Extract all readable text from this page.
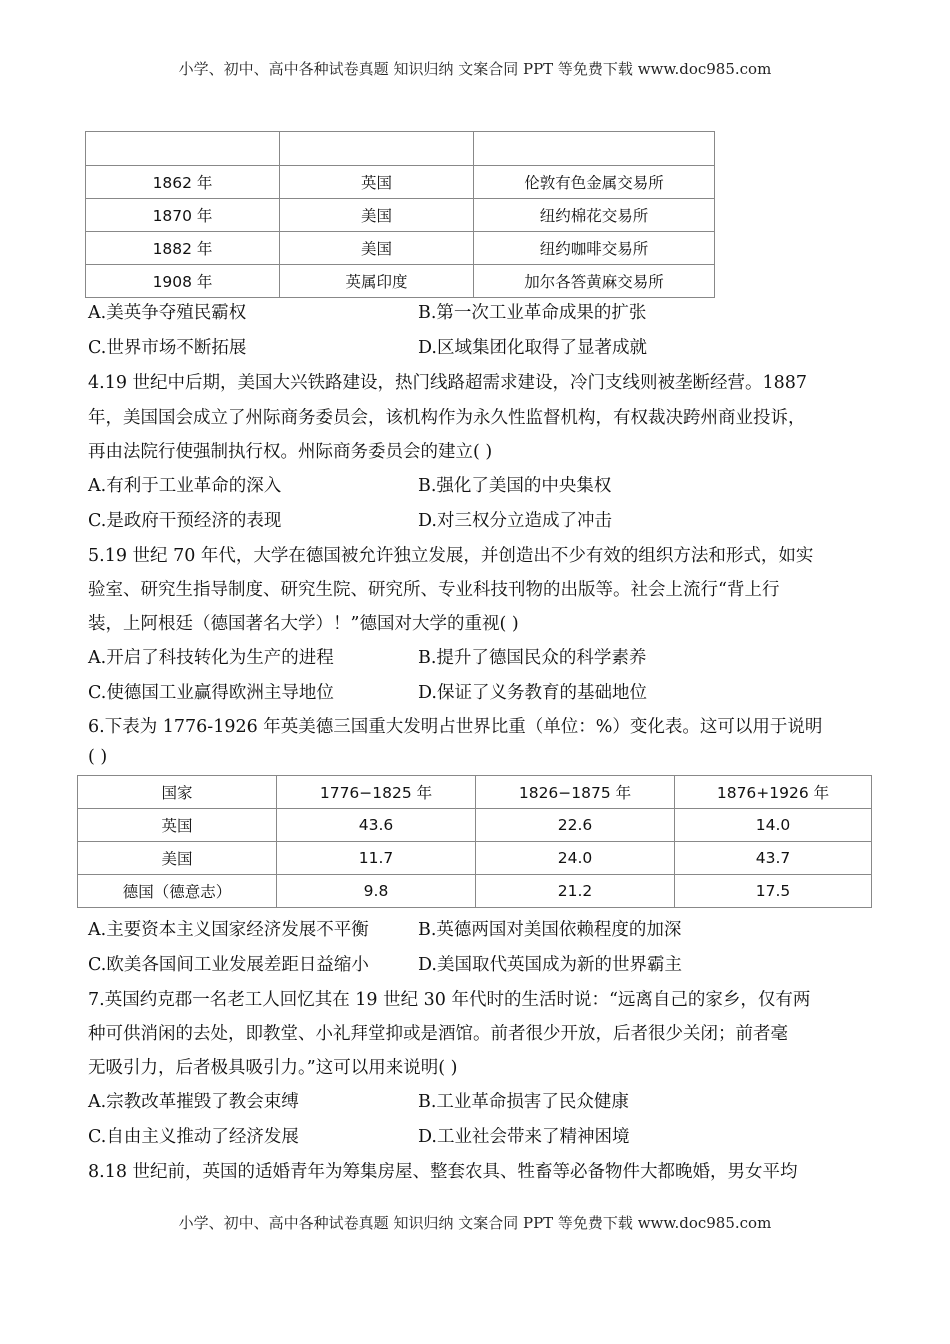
小学、初中、高中各种试卷真题 知识归纳 文案合同 PPT 等免费下载 www.doc985.com

1862 年	英国	伦敦有色金属交易所
1870 年	美国	纽约棉花交易所
1882 年	美国	纽约咖啡交易所
1908 年	英属印度	加尔各答黄麻交易所
A.美英争夺殖民霸权	B.第一次工业革命成果的扩张
C.世界市场不断拓展	D.区域集团化取得了显著成就
4.19 世纪中后期，美国大兴铁路建设，热门线路超需求建设，冷门支线则被垄断经营。1887
年，美国国会成立了州际商务委员会，该机构作为永久性监督机构，有权裁决跨州商业投诉，
再由法院行使强制执行权。州际商务委员会的建立( )
A.有利于工业革命的深入	B.强化了美国的中央集权
C.是政府干预经济的表现	D.对三权分立造成了冲击
5.19 世纪 70 年代，大学在德国被允许独立发展，并创造出不少有效的组织方法和形式，如实
验室、研究生指导制度、研究生院、研究所、专业科技刊物的出版等。社会上流行“背上行
装，上阿根廷（德国著名大学）！”德国对大学的重视( )
A.开启了科技转化为生产的进程	B.提升了德国民众的科学素养
C.使德国工业赢得欧洲主导地位	D.保证了义务教育的基础地位
6.下表为 1776-1926 年英美德三国重大发明占世界比重（单位：%）变化表。这可以用于说明
( )
国家	1776−1825 年	1826−1875 年	1876+1926 年
英国	43.6	22.6	14.0
美国	11.7	24.0	43.7
德国（德意志）	9.8	21.2	17.5
A.主要资本主义国家经济发展不平衡	B.英德两国对美国依赖程度的加深
C.欧美各国间工业发展差距日益缩小	D.美国取代英国成为新的世界霸主
7.英国约克郡一名老工人回忆其在 19 世纪 30 年代时的生活时说：“远离自己的家乡，仅有两
种可供消闲的去处，即教堂、小礼拜堂抑或是酒馆。前者很少开放，后者很少关闭；前者毫
无吸引力，后者极具吸引力。”这可以用来说明( )
A.宗教改革摧毁了教会束缚	B.工业革命损害了民众健康
C.自由主义推动了经济发展	D.工业社会带来了精神困境
8.18 世纪前，英国的适婚青年为筹集房屋、整套农具、牲畜等必备物件大都晚婚，男女平均
小学、初中、高中各种试卷真题 知识归纳 文案合同 PPT 等免费下载 www.doc985.com
